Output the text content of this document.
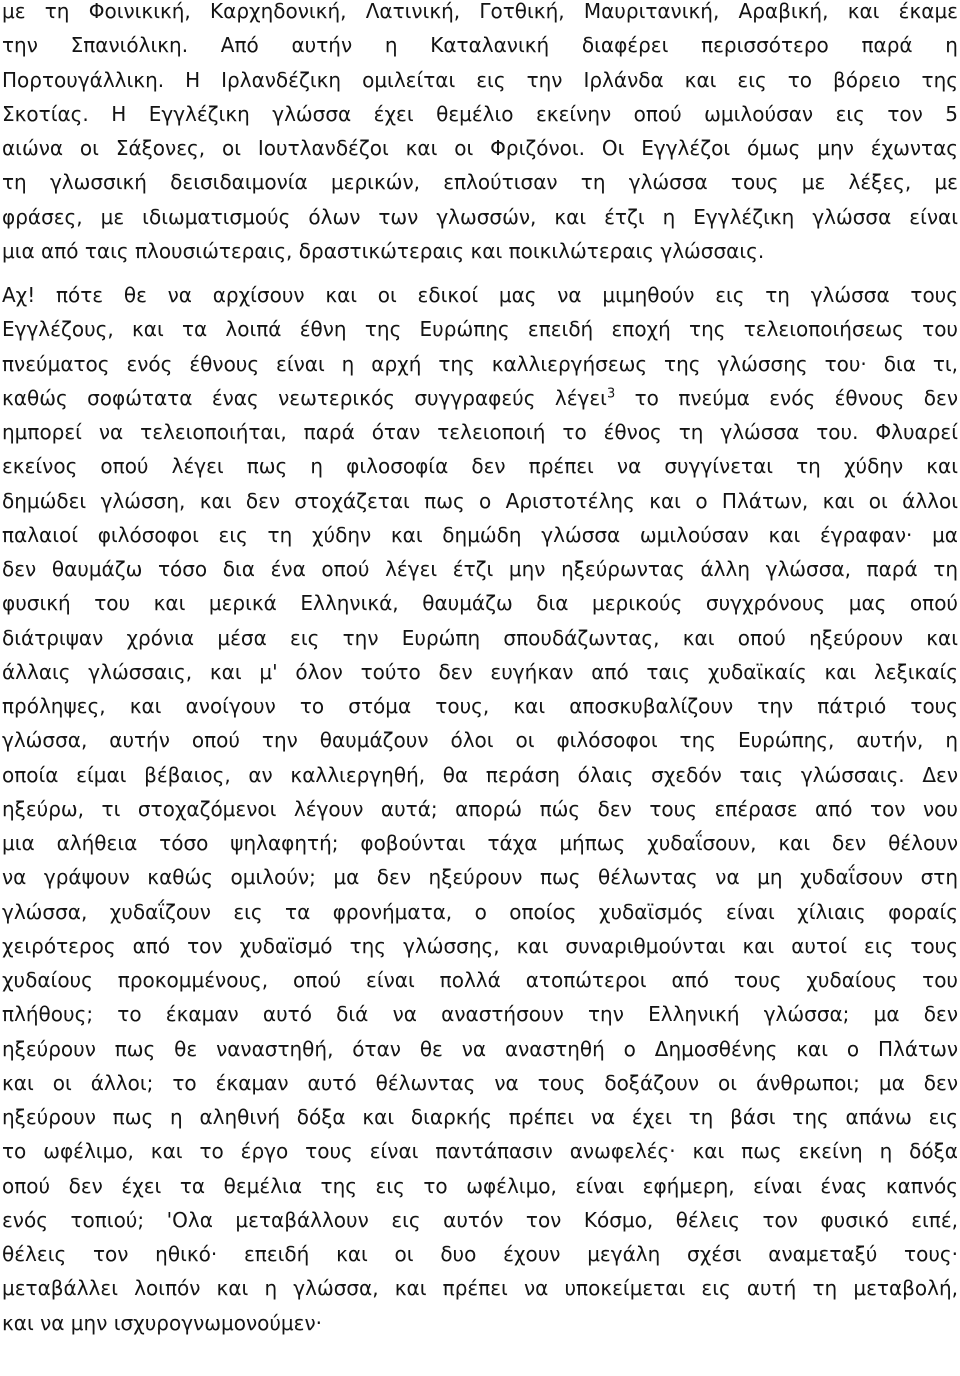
με τη Φοινικική, Καρχηδονική, Λατινική, Γοτθική, Μαυριτανική, Αραβική, και έκαμε
την Σπανιόλικη. Από αυτήν η Καταλανική διαφέρει περισσότερο παρά η
Πορτουγάλλικη. Η Ιρλανδέζικη ομιλείται εις την Ιρλάνδα και εις το βόρειο της
Σκοτίας. Η Εγγλέζικη γλώσσα έχει θεμέλιο εκείνην οπού ωμιλούσαν εις τον 5
αιώνα οι Σάξονες, οι Ιουτλανδέζοι και οι Φριζόνοι. Οι Εγγλέζοι όμως μην έχωντας
τη γλωσσική δεισιδαιμονία μερικών, επλούτισαν τη γλώσσα τους με λέξες, με
φράσες, με ιδιωματισμούς όλων των γλωσσών, και έτζι η Εγγλέζικη γλώσσα είναι
μια από ταις πλουσιώτεραις, δραστικώτεραις και ποικιλώτεραις γλώσσαις.
Αχ! πότε θε να αρχίσουν και οι εδικοί μας να μιμηθούν εις τη γλώσσα τους
Εγγλέζους, και τα λοιπά έθνη της Ευρώπης επειδή εποχή της τελειοποιήσεως του
πνεύματος ενός έθνους είναι η αρχή της καλλιεργήσεως της γλώσσης του· δια τι,
καθώς σοφώτατα ένας νεωτερικός συγγραφεύς λέγει$^3$ το πνεύμα ενός έθνους δεν
ημπορεί να τελειοποιήται, παρά όταν τελειοποιή το έθνος τη γλώσσα του. Φλυαρεί
εκείνος οπού λέγει πως η φιλοσοφία δεν πρέπει να συγγίνεται τη χύδην και
δημώδει γλώσση, και δεν στοχάζεται πως ο Αριστοτέλης και ο Πλάτων, και οι άλλοι
παλαιοί φιλόσοφοι εις τη χύδην και δημώδη γλώσσα ωμιλούσαν και έγραφαν· μα
δεν θαυμάζω τόσο δια ένα οπού λέγει έτζι μην ηξεύρωντας άλλη γλώσσα, παρά τη
φυσική του και μερικά Ελληνικά, θαυμάζω δια μερικούς συγχρόνους μας οπού
διάτριψαν χρόνια μέσα εις την Ευρώπη σπουδάζωντας, και οπού ηξεύρουν και
άλλαις γλώσσαις, και μ' όλον τούτο δεν ευγήκαν από ταις χυδαϊκαίς και λεξικαίς
πρόληψες, και ανοίγουν το στόμα τους, και αποσκυβαλίζουν την πάτριό τους
γλώσσα, αυτήν οπού την θαυμάζουν όλοι οι φιλόσοφοι της Ευρώπης, αυτήν, η
οποία είμαι βέβαιος, αν καλλιεργηθή, θα περάση όλαις σχεδόν ταις γλώσσαις. Δεν
ηξεύρω, τι στοχαζόμενοι λέγουν αυτά; απορώ πώς δεν τους επέρασε από τον νου
μια αλήθεια τόσο ψηλαφητή; φοβούνται τάχα μήπως χυδαΐσουν, και δεν θέλουν
να γράψουν καθώς ομιλούν; μα δεν ηξεύρουν πως θέλωντας να μη χυδαΐσουν στη
γλώσσα, χυδαΐζουν εις τα φρονήματα, ο οποίος χυδαϊσμός είναι χίλιαις φοραίς
χειρότερος από τον χυδαϊσμό της γλώσσης, και συναριθμούνται και αυτοί εις τους
χυδαίους προκομμένους, οπού είναι πολλά ατοπώτεροι από τους χυδαίους του
πλήθους; το έκαμαν αυτό διά να αναστήσουν την Ελληνική γλώσσα; μα δεν
ηξεύρουν πως θε ναναστηθή, όταν θε να αναστηθή ο Δημοσθένης και ο Πλάτων
και οι άλλοι; το έκαμαν αυτό θέλωντας να τους δοξάζουν οι άνθρωποι; μα δεν
ηξεύρουν πως η αληθινή δόξα και διαρκής πρέπει να έχει τη βάσι της απάνω εις
το ωφέλιμο, και το έργο τους είναι παντάπασιν ανωφελές· και πως εκείνη η δόξα
οπού δεν έχει τα θεμέλια της εις το ωφέλιμο, είναι εφήμερη, είναι ένας καπνός
ενός τοπιού; 'Ολα μεταβάλλουν εις αυτόν τον Κόσμο, θέλεις τον φυσικό ειπέ,
θέλεις τον ηθικό· επειδή και οι δυο έχουν μεγάλη σχέσι αναμεταξύ τους·
μεταβάλλει λοιπόν και η γλώσσα, και πρέπει να υποκείμεται εις αυτή τη μεταβολή,
και να μην ισχυρογνωμονούμεν·
